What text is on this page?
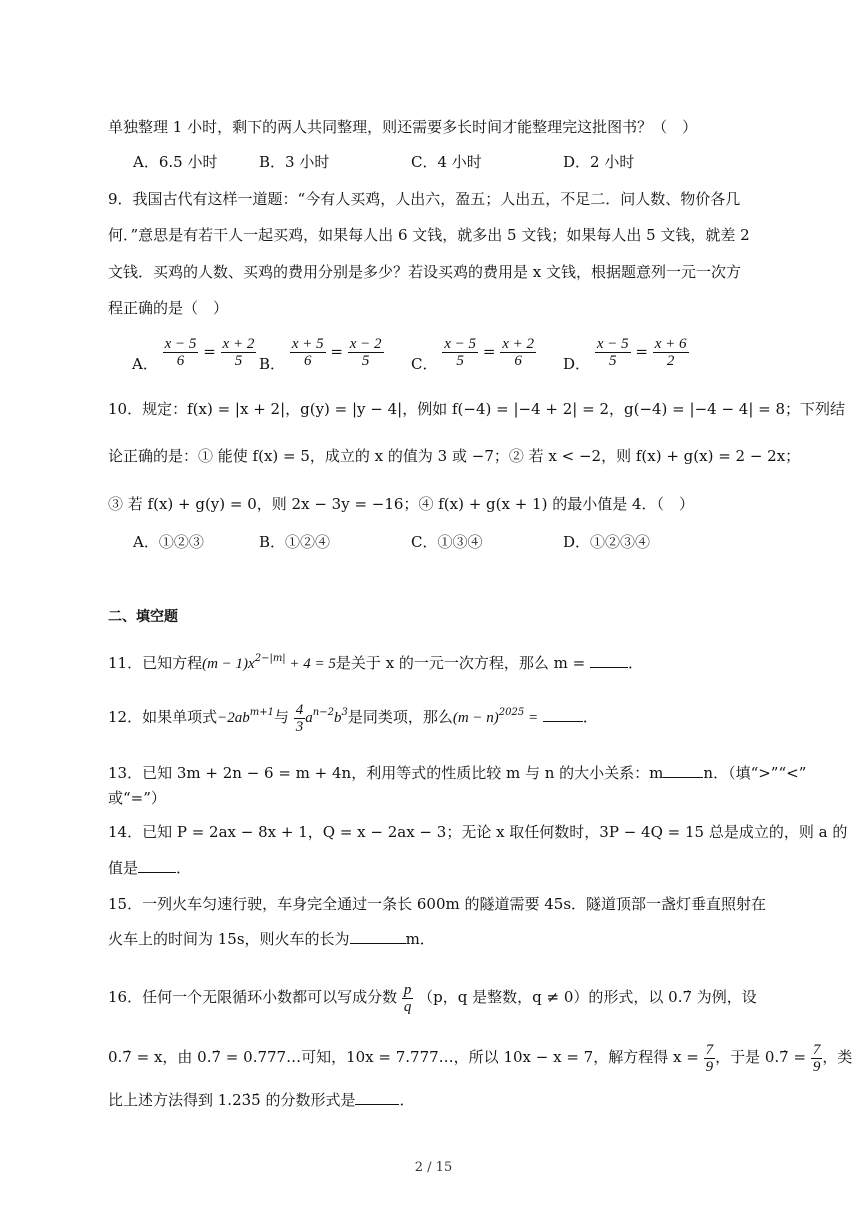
单独整理 1 小时，剩下的两人共同整理，则还需要多长时间才能整理完这批图书？（　）
A．6.5 小时	B．3 小时	C．4 小时	D．2 小时
9．我国古代有这样一道题：“今有人买鸡，人出六，盈五；人出五，不足二．问人数、物价各几
何．”意思是有若干人一起买鸡，如果每人出 6 文钱，就多出 5 文钱；如果每人出 5 文钱，就差 2
文钱．买鸡的人数、买鸡的费用分别是多少？若设买鸡的费用是 x 文钱，根据题意列一元一次方
程正确的是（　）
A． $\frac{x - 5}{6} = \frac{x + 2}{5}$ B． $\frac{x + 5}{6} = \frac{x - 2}{5}$ C． $\frac{x - 5}{5} = \frac{x + 2}{6}$ D． $\frac{x - 5}{5} = \frac{x + 6}{2}$
10．规定：f(x) = |x + 2|，g(y) = |y − 4|，例如 f(−4) = |−4 + 2| = 2，g(−4) = |−4 − 4| = 8；下列结
论正确的是：① 能使 f(x) = 5，成立的 x 的值为 3 或 −7；② 若 x < −2，则 f(x) + g(x) = 2 − 2x；
③ 若 f(x) + g(y) = 0，则 2x − 3y = −16；④ f(x) + g(x + 1) 的最小值是 4．（　）
A．①②③	B．①②④	C．①③④	D．①②③④
二、填空题
11．已知方程$(m - 1)x^{2-|m|} + 4 = 5$是关于 x 的一元一次方程，那么 m =	．
12．如果单项式$-2ab^{m+1}$与 $\frac{4}{3} a^{n-2}b^3$是同类项，那么$(m - n)^{2025}$ =	．
13．已知 3m + 2n − 6 = m + 4n，利用等式的性质比较 m 与 n 的大小关系：m	n．（填“>”“<”
或“=”）
14．已知 P = 2ax − 8x + 1，Q = x − 2ax − 3；无论 x 取任何数时，3P − 4Q = 15 总是成立的，则 a 的
值是	．
15．一列火车匀速行驶，车身完全通过一条长 600m 的隧道需要 45s．隧道顶部一盏灯垂直照射在
火车上的时间为 15s，则火车的长为	m．
16．任何一个无限循环小数都可以写成分数 $\frac{p}{q} (p$，q 是整数，q ≠ 0）的形式，以 0.7̇ 为例，设
0.7̇ = x，由 0.7̇ = 0.777…可知，10x = 7.777…，所以 10x − x = 7，解方程得 $x = \frac{7}{9}$ ，于是 0.7̇ = $\frac{7}{9}$ ，类
比上述方法得到 1.23̇5̇ 的分数形式是	．
2 / 15
